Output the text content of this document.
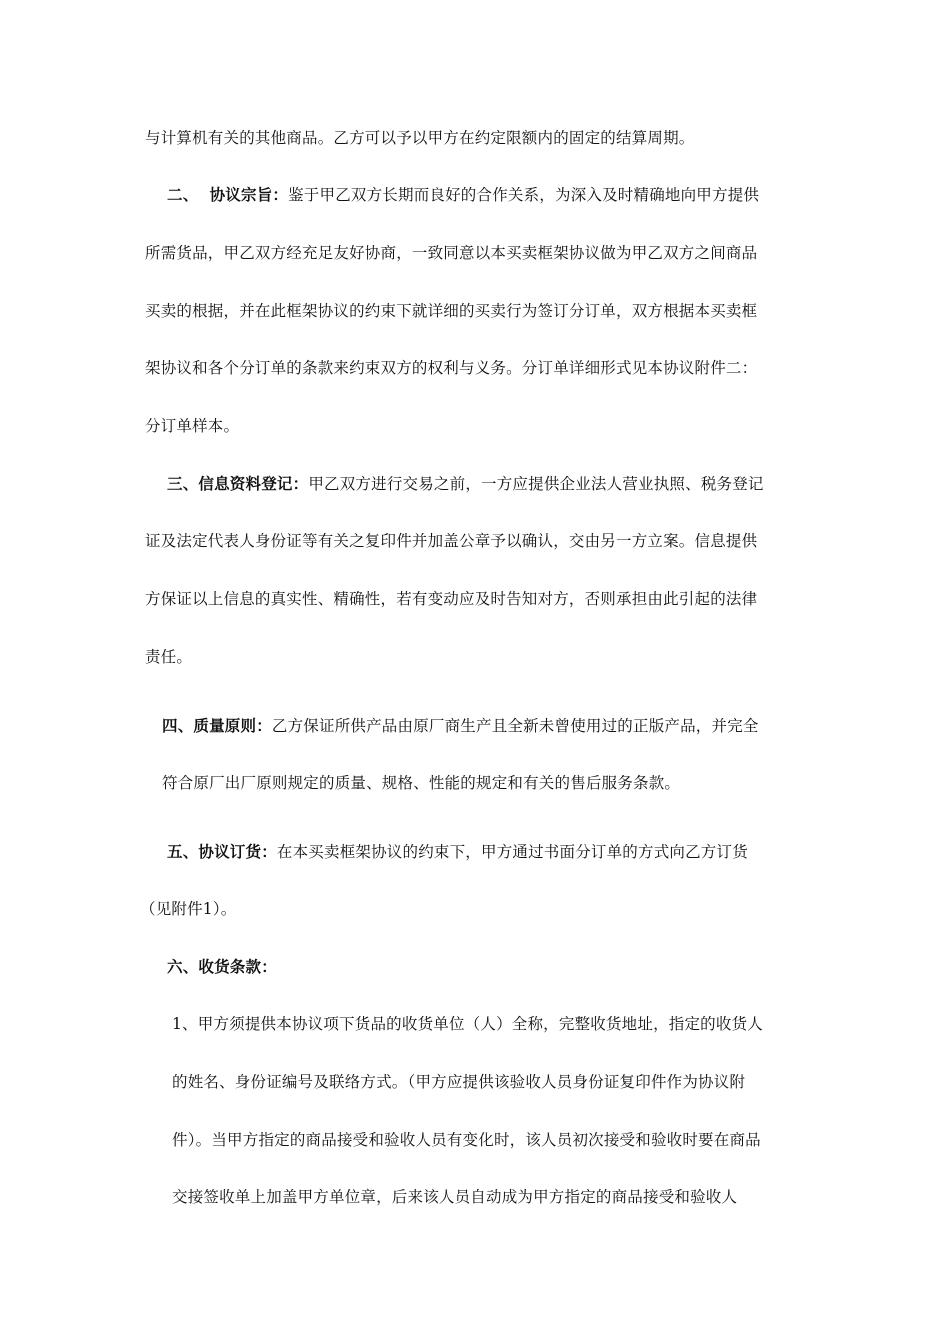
与计算机有关的其他商品。乙方可以予以甲方在约定限额内的固定的结算周期。
二、  协议宗旨：鉴于甲乙双方长期而良好的合作关系，为深入及时精确地向甲方提供
所需货品，甲乙双方经充足友好协商，一致同意以本买卖框架协议做为甲乙双方之间商品
买卖的根据，并在此框架协议的约束下就详细的买卖行为签订分订单，双方根据本买卖框
架协议和各个分订单的条款来约束双方的权利与义务。分订单详细形式见本协议附件二：
分订单样本。
三、信息资料登记：甲乙双方进行交易之前，一方应提供企业法人营业执照、税务登记
证及法定代表人身份证等有关之复印件并加盖公章予以确认，交由另一方立案。信息提供
方保证以上信息的真实性、精确性，若有变动应及时告知对方，否则承担由此引起的法律
责任。
四、质量原则：乙方保证所供产品由原厂商生产且全新未曾使用过的正版产品，并完全
符合原厂出厂原则规定的质量、规格、性能的规定和有关的售后服务条款。
五、协议订货：在本买卖框架协议的约束下，甲方通过书面分订单的方式向乙方订货
（见附件1）。
六、收货条款：
1、甲方须提供本协议项下货品的收货单位（人）全称，完整收货地址，指定的收货人
的姓名、身份证编号及联络方式。（甲方应提供该验收人员身份证复印件作为协议附
件）。当甲方指定的商品接受和验收人员有变化时，该人员初次接受和验收时要在商品
交接签收单上加盖甲方单位章，后来该人员自动成为甲方指定的商品接受和验收人
